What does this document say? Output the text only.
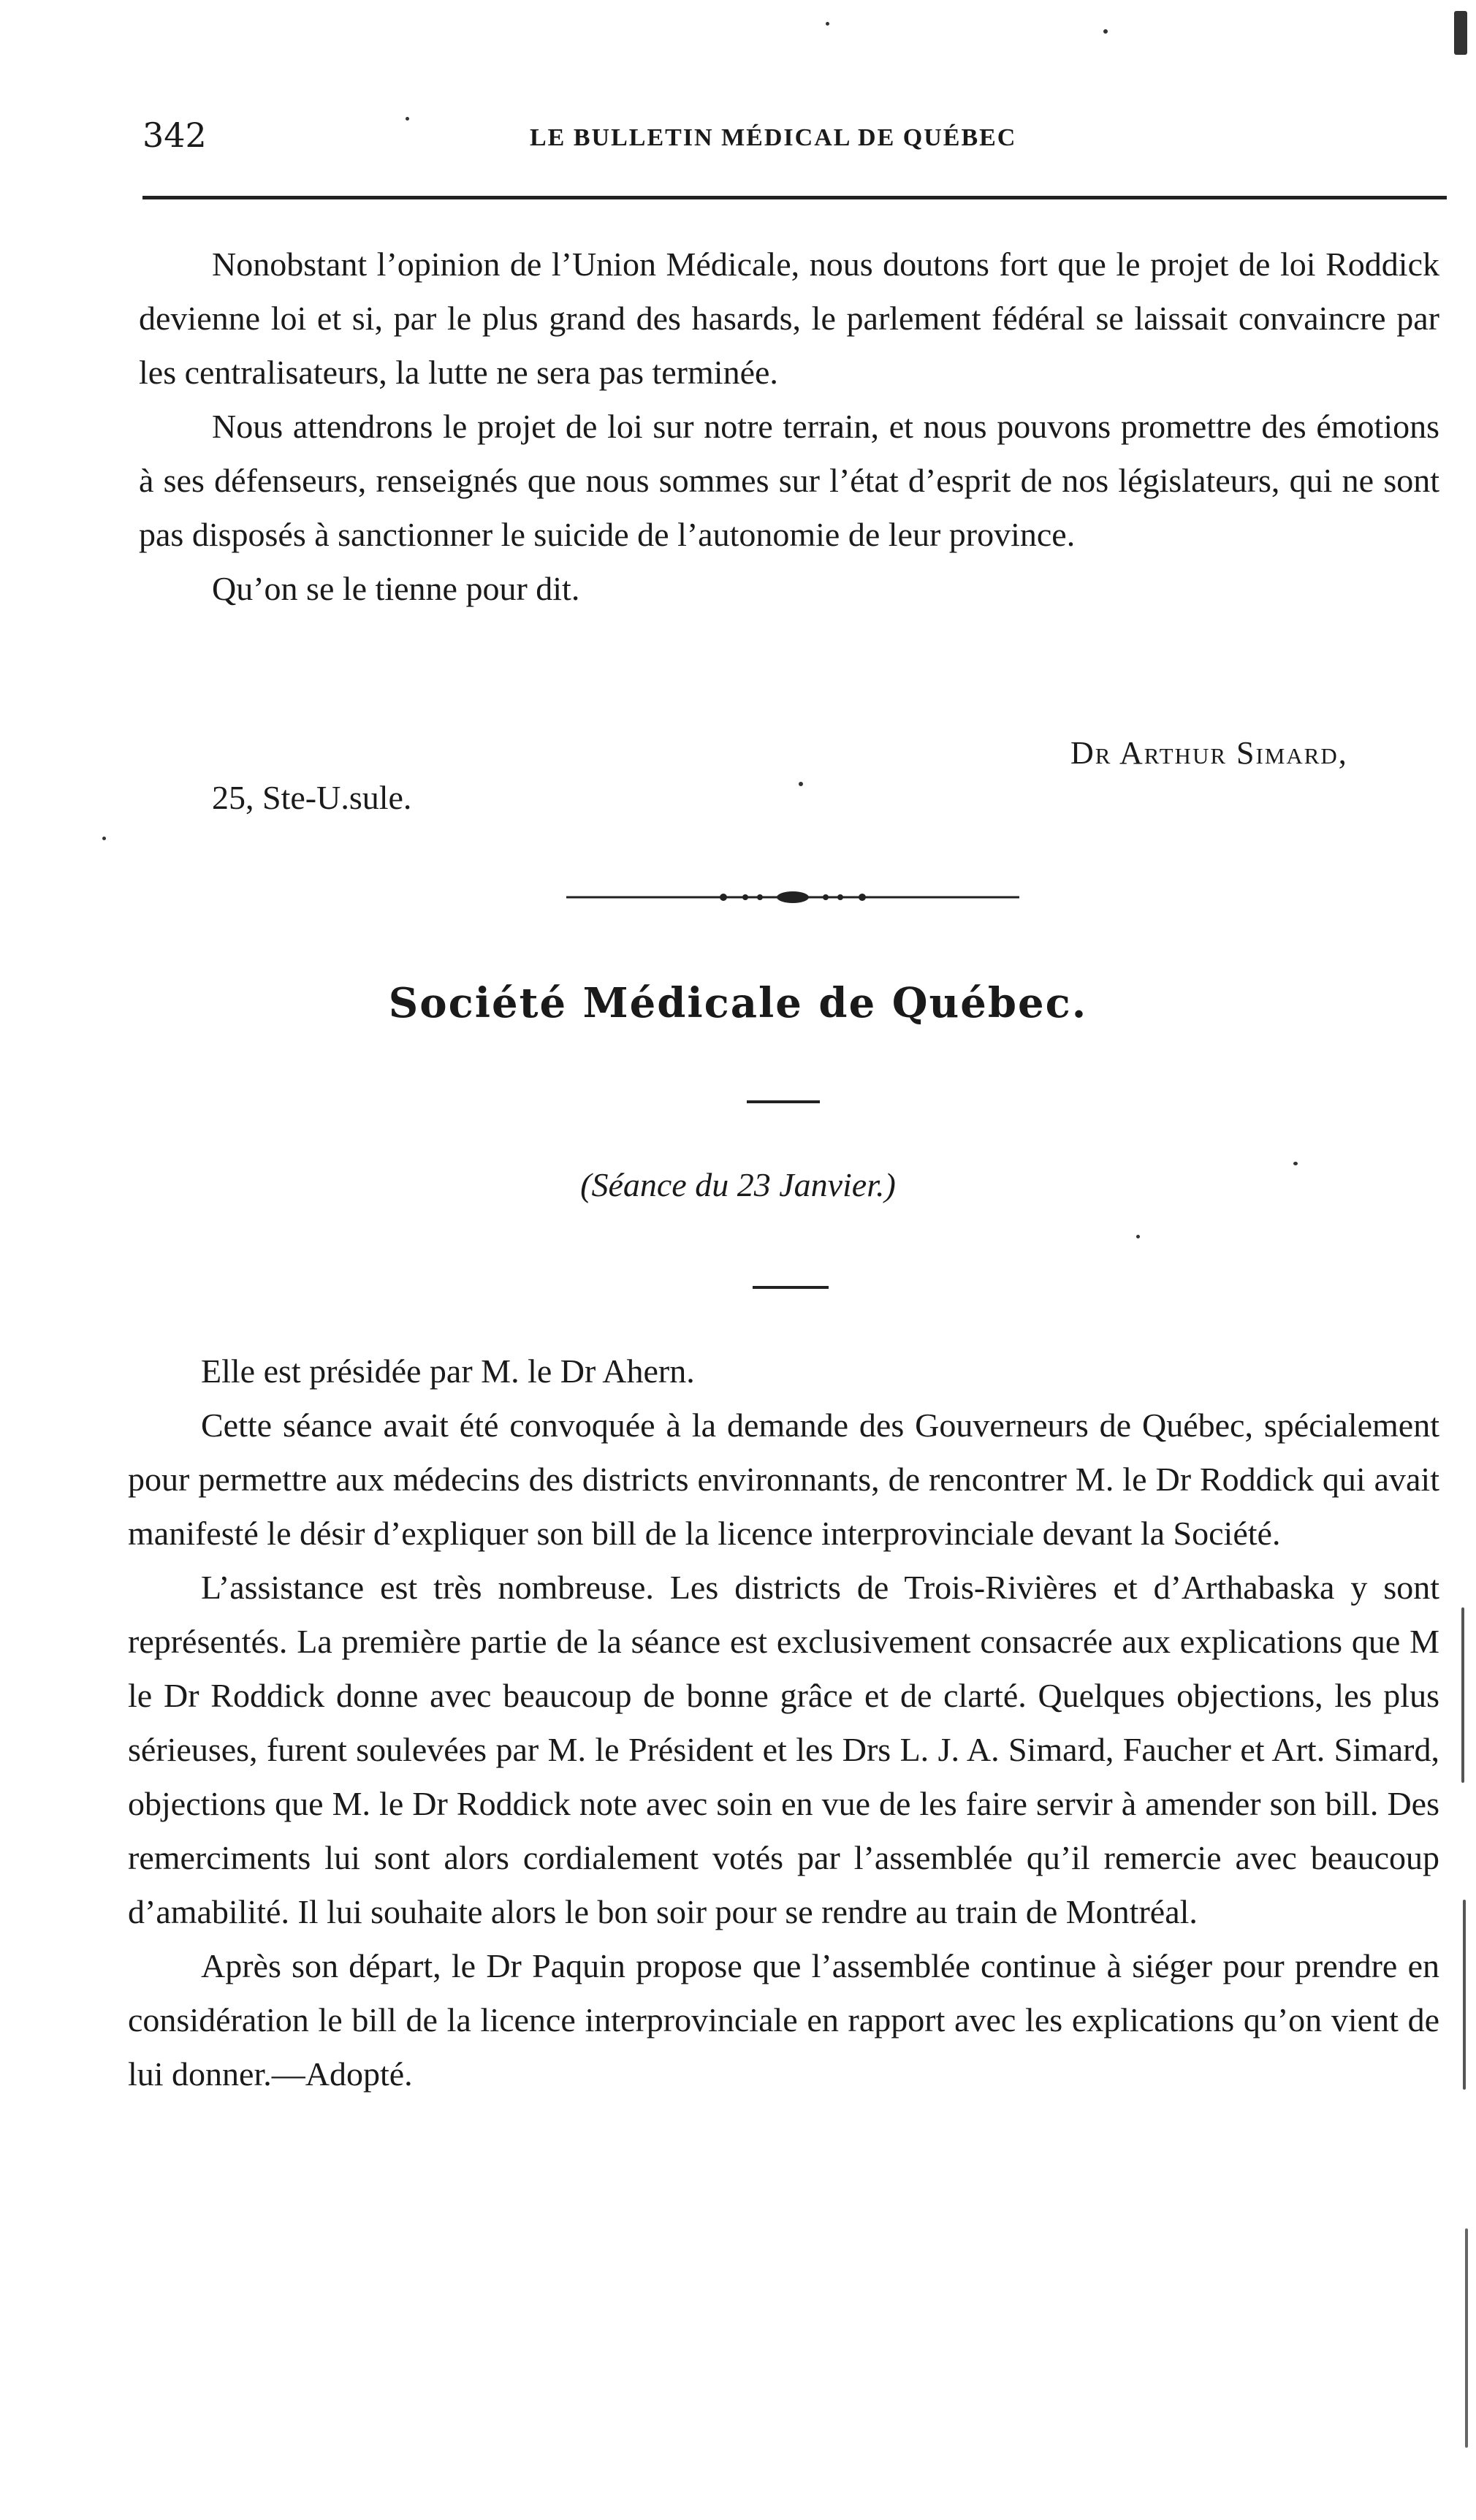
342	LE BULLETIN MÉDICAL DE QUÉBEC

Nonobstant l’opinion de l’Union Médicale, nous doutons fort que le projet de loi Roddick devienne loi et si, par le plus grand des hasards, le parlement fédéral se laissait convaincre par les centralisateurs, la lutte ne sera pas terminée.

Nous attendrons le projet de loi sur notre terrain, et nous pouvons promettre des émotions à ses défenseurs, renseignés que nous sommes sur l’état d’esprit de nos législateurs, qui ne sont pas disposés à sanctionner le suicide de l’autonomie de leur province.

Qu’on se le tienne pour dit.

Dr Arthur Simard,
25, Ste-U.sule.
Société Médicale de Québec.
(Séance du 23 Janvier.)

Elle est présidée par M. le Dr Ahern.

Cette séance avait été convoquée à la demande des Gouverneurs de Québec, spécialement pour permettre aux médecins des districts environnants, de rencontrer M. le Dr Roddick qui avait manifesté le désir d’expliquer son bill de la licence interprovinciale devant la Société.

L’assistance est très nombreuse. Les districts de Trois-Rivières et d’Arthabaska y sont représentés. La première partie de la séance est exclusivement consacrée aux explications que M le Dr Roddick donne avec beaucoup de bonne grâce et de clarté. Quelques objections, les plus sérieuses, furent soulevées par M. le Président et les Drs L. J. A. Simard, Faucher et Art. Simard, objections que M. le Dr Roddick note avec soin en vue de les faire servir à amender son bill. Des remerciments lui sont alors cordialement votés par l’assemblée qu’il remercie avec beaucoup d’amabilité. Il lui souhaite alors le bon soir pour se rendre au train de Montréal.

Après son départ, le Dr Paquin propose que l’assemblée continue à siéger pour prendre en considération le bill de la licence interprovinciale en rapport avec les explications qu’on vient de lui donner.—Adopté.
